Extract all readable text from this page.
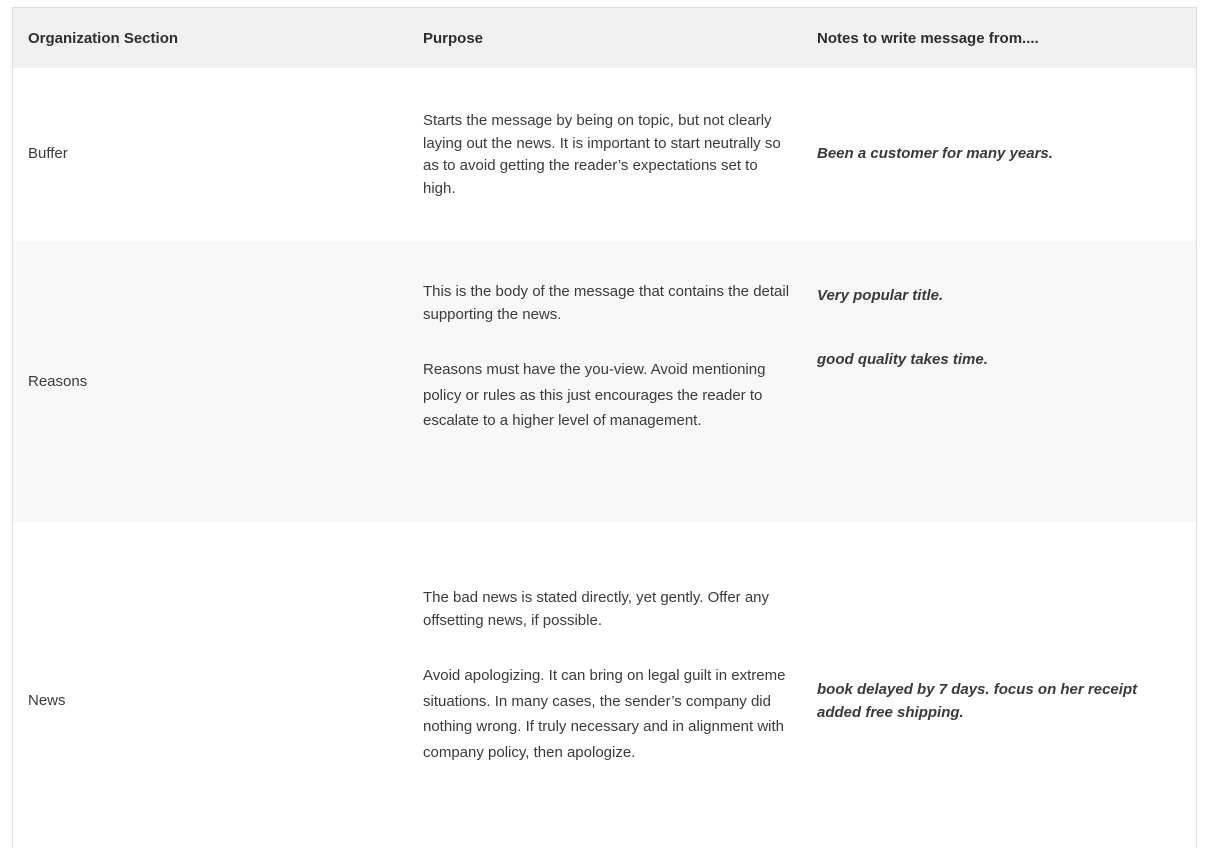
Organization Section	Purpose	Notes to write message from....
Buffer

Starts the message by being on topic, but not clearly laying out the news. It is important to start neutrally so as to avoid getting the reader’s expectations set to high.

Been a customer for many years.
Reasons

This is the body of the message that contains the detail supporting the news.

Reasons must have the you-view. Avoid mentioning policy or rules as this just encourages the reader to escalate to a higher level of management.

Very popular title.

good quality takes time.

News

The bad news is stated directly, yet gently. Offer any offsetting news, if possible.

Avoid apologizing. It can bring on legal guilt in extreme situations. In many cases, the sender’s company did nothing wrong. If truly necessary and in alignment with company policy, then apologize.

book delayed by 7 days. focus on her receipt added free shipping.
